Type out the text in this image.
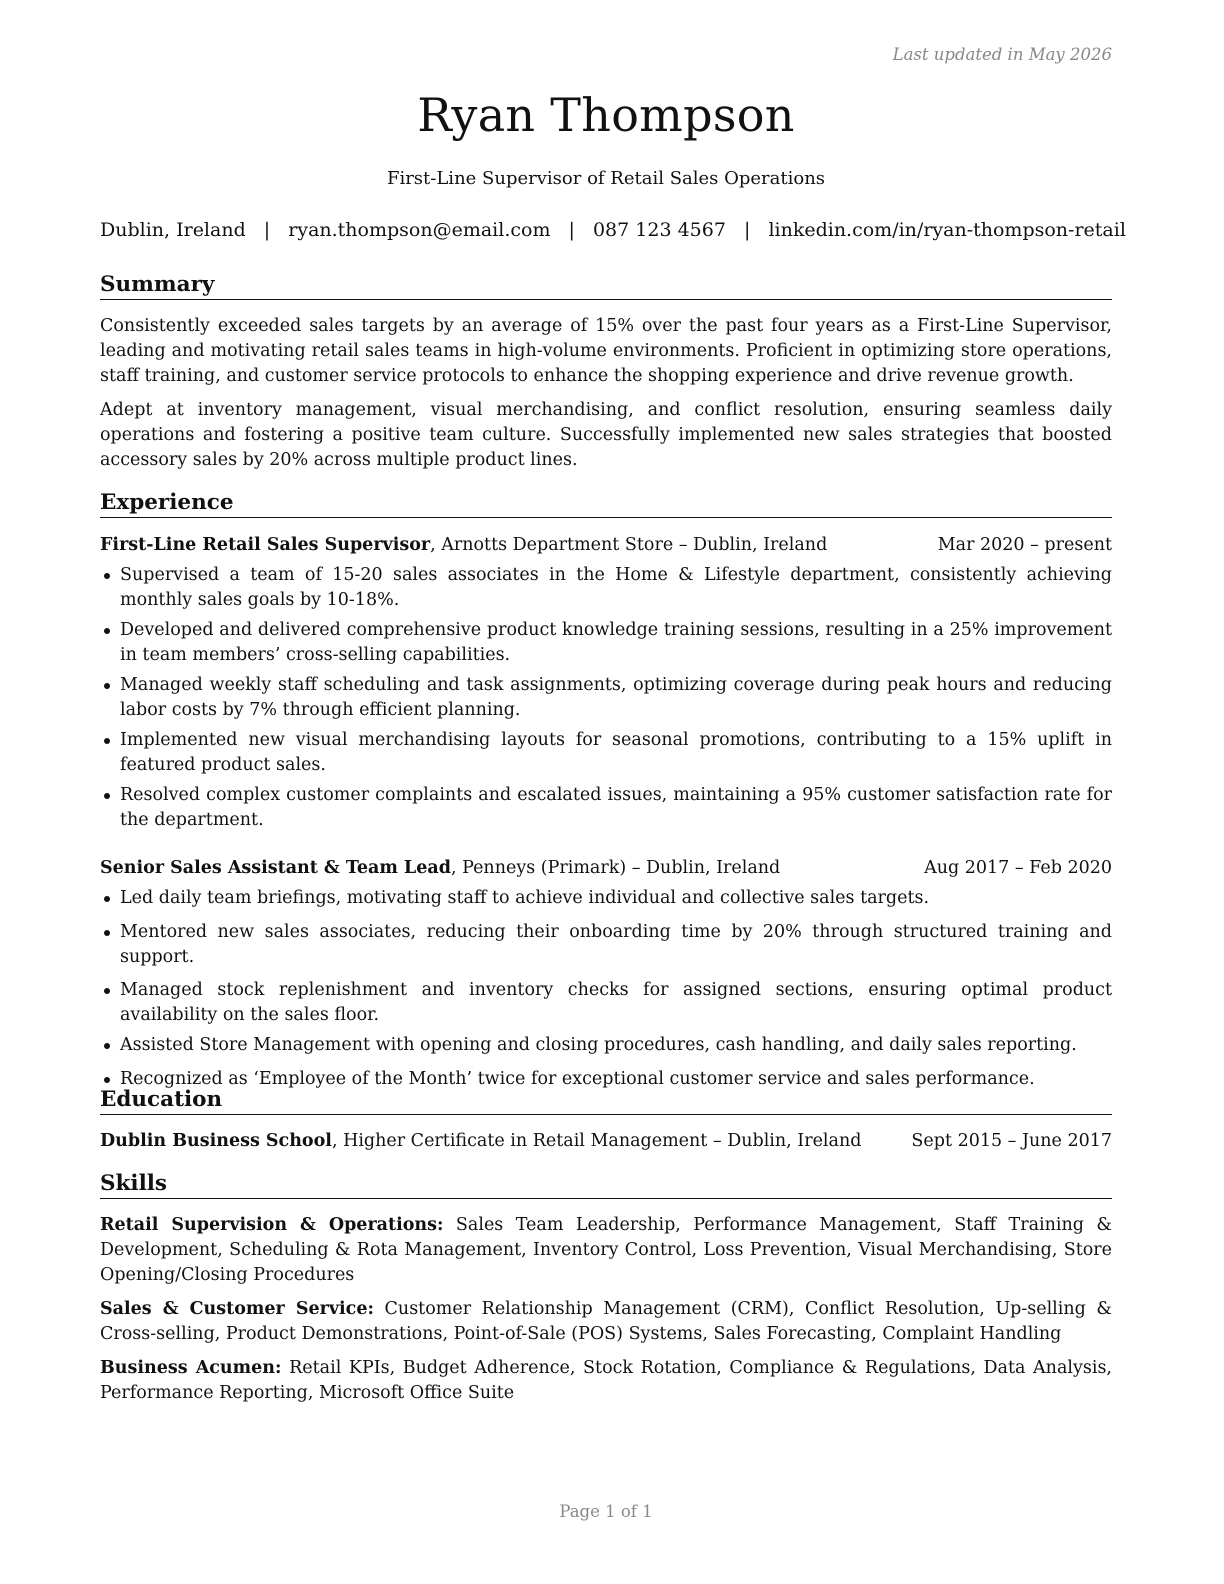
Last updated in May 2026
Ryan Thompson
First-Line Supervisor of Retail Sales Operations
Dublin, Ireland | ryan.thompson@email.com | 087 123 4567 | linkedin.com/in/ryan-thompson-retail
Summary
Consistently exceeded sales targets by an average of 15% over the past four years as a First-Line Supervisor, leading and motivating retail sales teams in high-volume environments. Proficient in optimizing store operations, staff training, and customer service protocols to enhance the shopping experience and drive revenue growth.
Adept at inventory management, visual merchandising, and conflict resolution, ensuring seamless daily operations and fostering a positive team culture. Successfully implemented new sales strategies that boosted accessory sales by 20% across multiple product lines.
Experience
First-Line Retail Sales Supervisor, Arnotts Department Store – Dublin, Ireland	Mar 2020 – present
Supervised a team of 15-20 sales associates in the Home & Lifestyle department, consistently achieving monthly sales goals by 10-18%.
Developed and delivered comprehensive product knowledge training sessions, resulting in a 25% improvement in team members’ cross-selling capabilities.
Managed weekly staff scheduling and task assignments, optimizing coverage during peak hours and reducing labor costs by 7% through efficient planning.
Implemented new visual merchandising layouts for seasonal promotions, contributing to a 15% uplift in featured product sales.
Resolved complex customer complaints and escalated issues, maintaining a 95% customer satisfaction rate for the department.
Senior Sales Assistant & Team Lead, Penneys (Primark) – Dublin, Ireland	Aug 2017 – Feb 2020
Led daily team briefings, motivating staff to achieve individual and collective sales targets.
Mentored new sales associates, reducing their onboarding time by 20% through structured training and support.
Managed stock replenishment and inventory checks for assigned sections, ensuring optimal product availability on the sales floor.
Assisted Store Management with opening and closing procedures, cash handling, and daily sales reporting.
Recognized as ‘Employee of the Month’ twice for exceptional customer service and sales performance.
Education
Dublin Business School, Higher Certificate in Retail Management – Dublin, Ireland	Sept 2015 – June 2017
Skills
Retail Supervision & Operations: Sales Team Leadership, Performance Management, Staff Training & Development, Scheduling & Rota Management, Inventory Control, Loss Prevention, Visual Merchandising, Store Opening/Closing Procedures
Sales & Customer Service: Customer Relationship Management (CRM), Conflict Resolution, Up-selling & Cross-selling, Product Demonstrations, Point-of-Sale (POS) Systems, Sales Forecasting, Complaint Handling
Business Acumen: Retail KPIs, Budget Adherence, Stock Rotation, Compliance & Regulations, Data Analysis, Performance Reporting, Microsoft Office Suite
Page 1 of 1
